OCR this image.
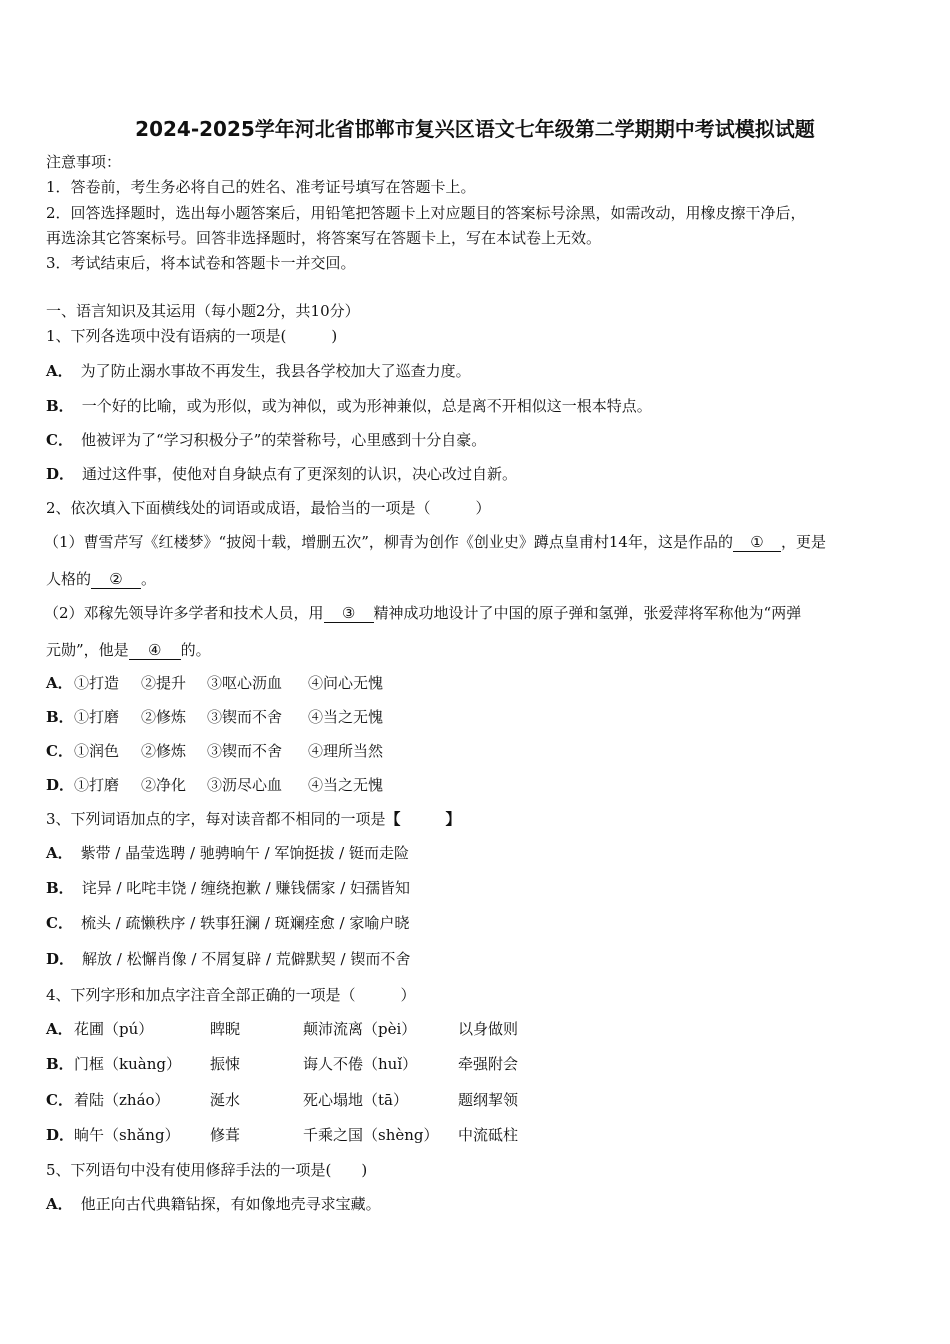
2024-2025学年河北省邯郸市复兴区语文七年级第二学期期中考试模拟试题
注意事项：
1．答卷前，考生务必将自己的姓名、准考证号填写在答题卡上。
2．回答选择题时，选出每小题答案后，用铅笔把答题卡上对应题目的答案标号涂黑，如需改动，用橡皮擦干净后，
再选涂其它答案标号。回答非选择题时，将答案写在答题卡上，写在本试卷上无效。
3．考试结束后，将本试卷和答题卡一并交回。
一、语言知识及其运用（每小题2分，共10分）
1、下列各选项中没有语病的一项是(　　　)
A． 为了防止溺水事故不再发生，我县各学校加大了巡查力度。
B． 一个好的比喻，或为形似，或为神似，或为形神兼似，总是离不开相似这一根本特点。
C． 他被评为了“学习积极分子”的荣誉称号，心里感到十分自豪。
D． 通过这件事，使他对自身缺点有了更深刻的认识，决心改过自新。
2、依次填入下面横线处的词语或成语，最恰当的一项是（　　　）
（1）曹雪芹写《红楼梦》“披阅十载，增删五次”，柳青为创作《创业史》蹲点皇甫村14年，这是作品的 ① ，更是
人格的 ② 。
（2）邓稼先领导许多学者和技术人员，用 ③ 精神成功地设计了中国的原子弹和氢弹，张爱萍将军称他为“两弹
元勋”，他是 ④ 的。
A． ①打造 ②提升 ③呕心沥血 ④问心无愧
B． ①打磨 ②修炼 ③锲而不舍 ④当之无愧
C． ①润色 ②修炼 ③锲而不舍 ④理所当然
D． ①打磨 ②净化 ③沥尽心血 ④当之无愧
3、下列词语加点的字，每对读音都不相同的一项是【　　　】
A． 紫带 / 晶莹选聘 / 驰骋晌午 / 军饷挺拔 / 铤而走险
B． 诧异 / 叱咤丰饶 / 缠绕抱歉 / 赚钱儒家 / 妇孺皆知
C． 梳头 / 疏懒秩序 / 轶事狂澜 / 斑斓痊愈 / 家喻户晓
D． 解放 / 松懈肖像 / 不屑复辟 / 荒僻默契 / 锲而不舍
4、下列字形和加点字注音全部正确的一项是（　　　）
A． 花圃（pú）	睥睨	颠沛流离（pèi）	以身做则
B． 门框（kuàng） 振悚	诲人不倦（huǐ）	牵强附会
C． 着陆（zháo）	涎水	死心塌地（tā）	题纲挈领
D． 晌午（shǎng） 修葺	千乘之国（shèng） 中流砥柱
5、下列语句中没有使用修辞手法的一项是(　　)
A． 他正向古代典籍钻探，有如像地壳寻求宝藏。
